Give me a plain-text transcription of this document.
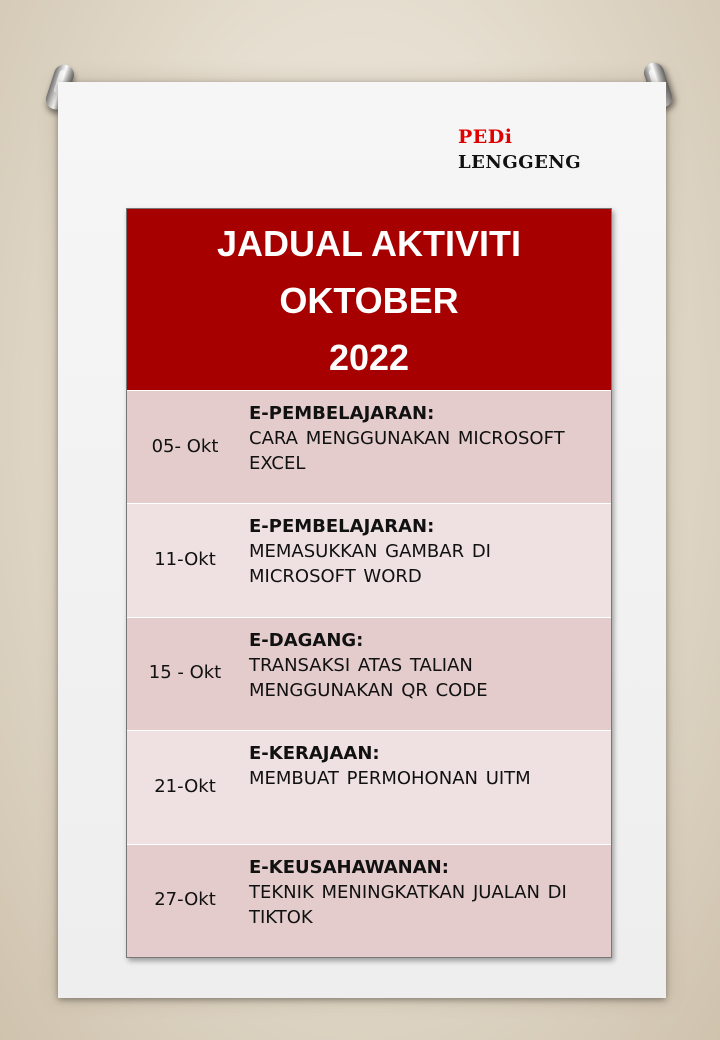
PEDi
LENGGENG
JADUAL AKTIVITI
OKTOBER
2022
05- Okt
E-PEMBELAJARAN:
CARA MENGGUNAKAN MICROSOFT EXCEL
11-Okt
E-PEMBELAJARAN:
MEMASUKKAN GAMBAR DI MICROSOFT WORD
15 - Okt
E-DAGANG:
TRANSAKSI ATAS TALIAN MENGGUNAKAN QR CODE
21-Okt
E-KERAJAAN:
MEMBUAT PERMOHONAN UITM
27-Okt
E-KEUSAHAWANAN:
TEKNIK MENINGKATKAN JUALAN DI TIKTOK
